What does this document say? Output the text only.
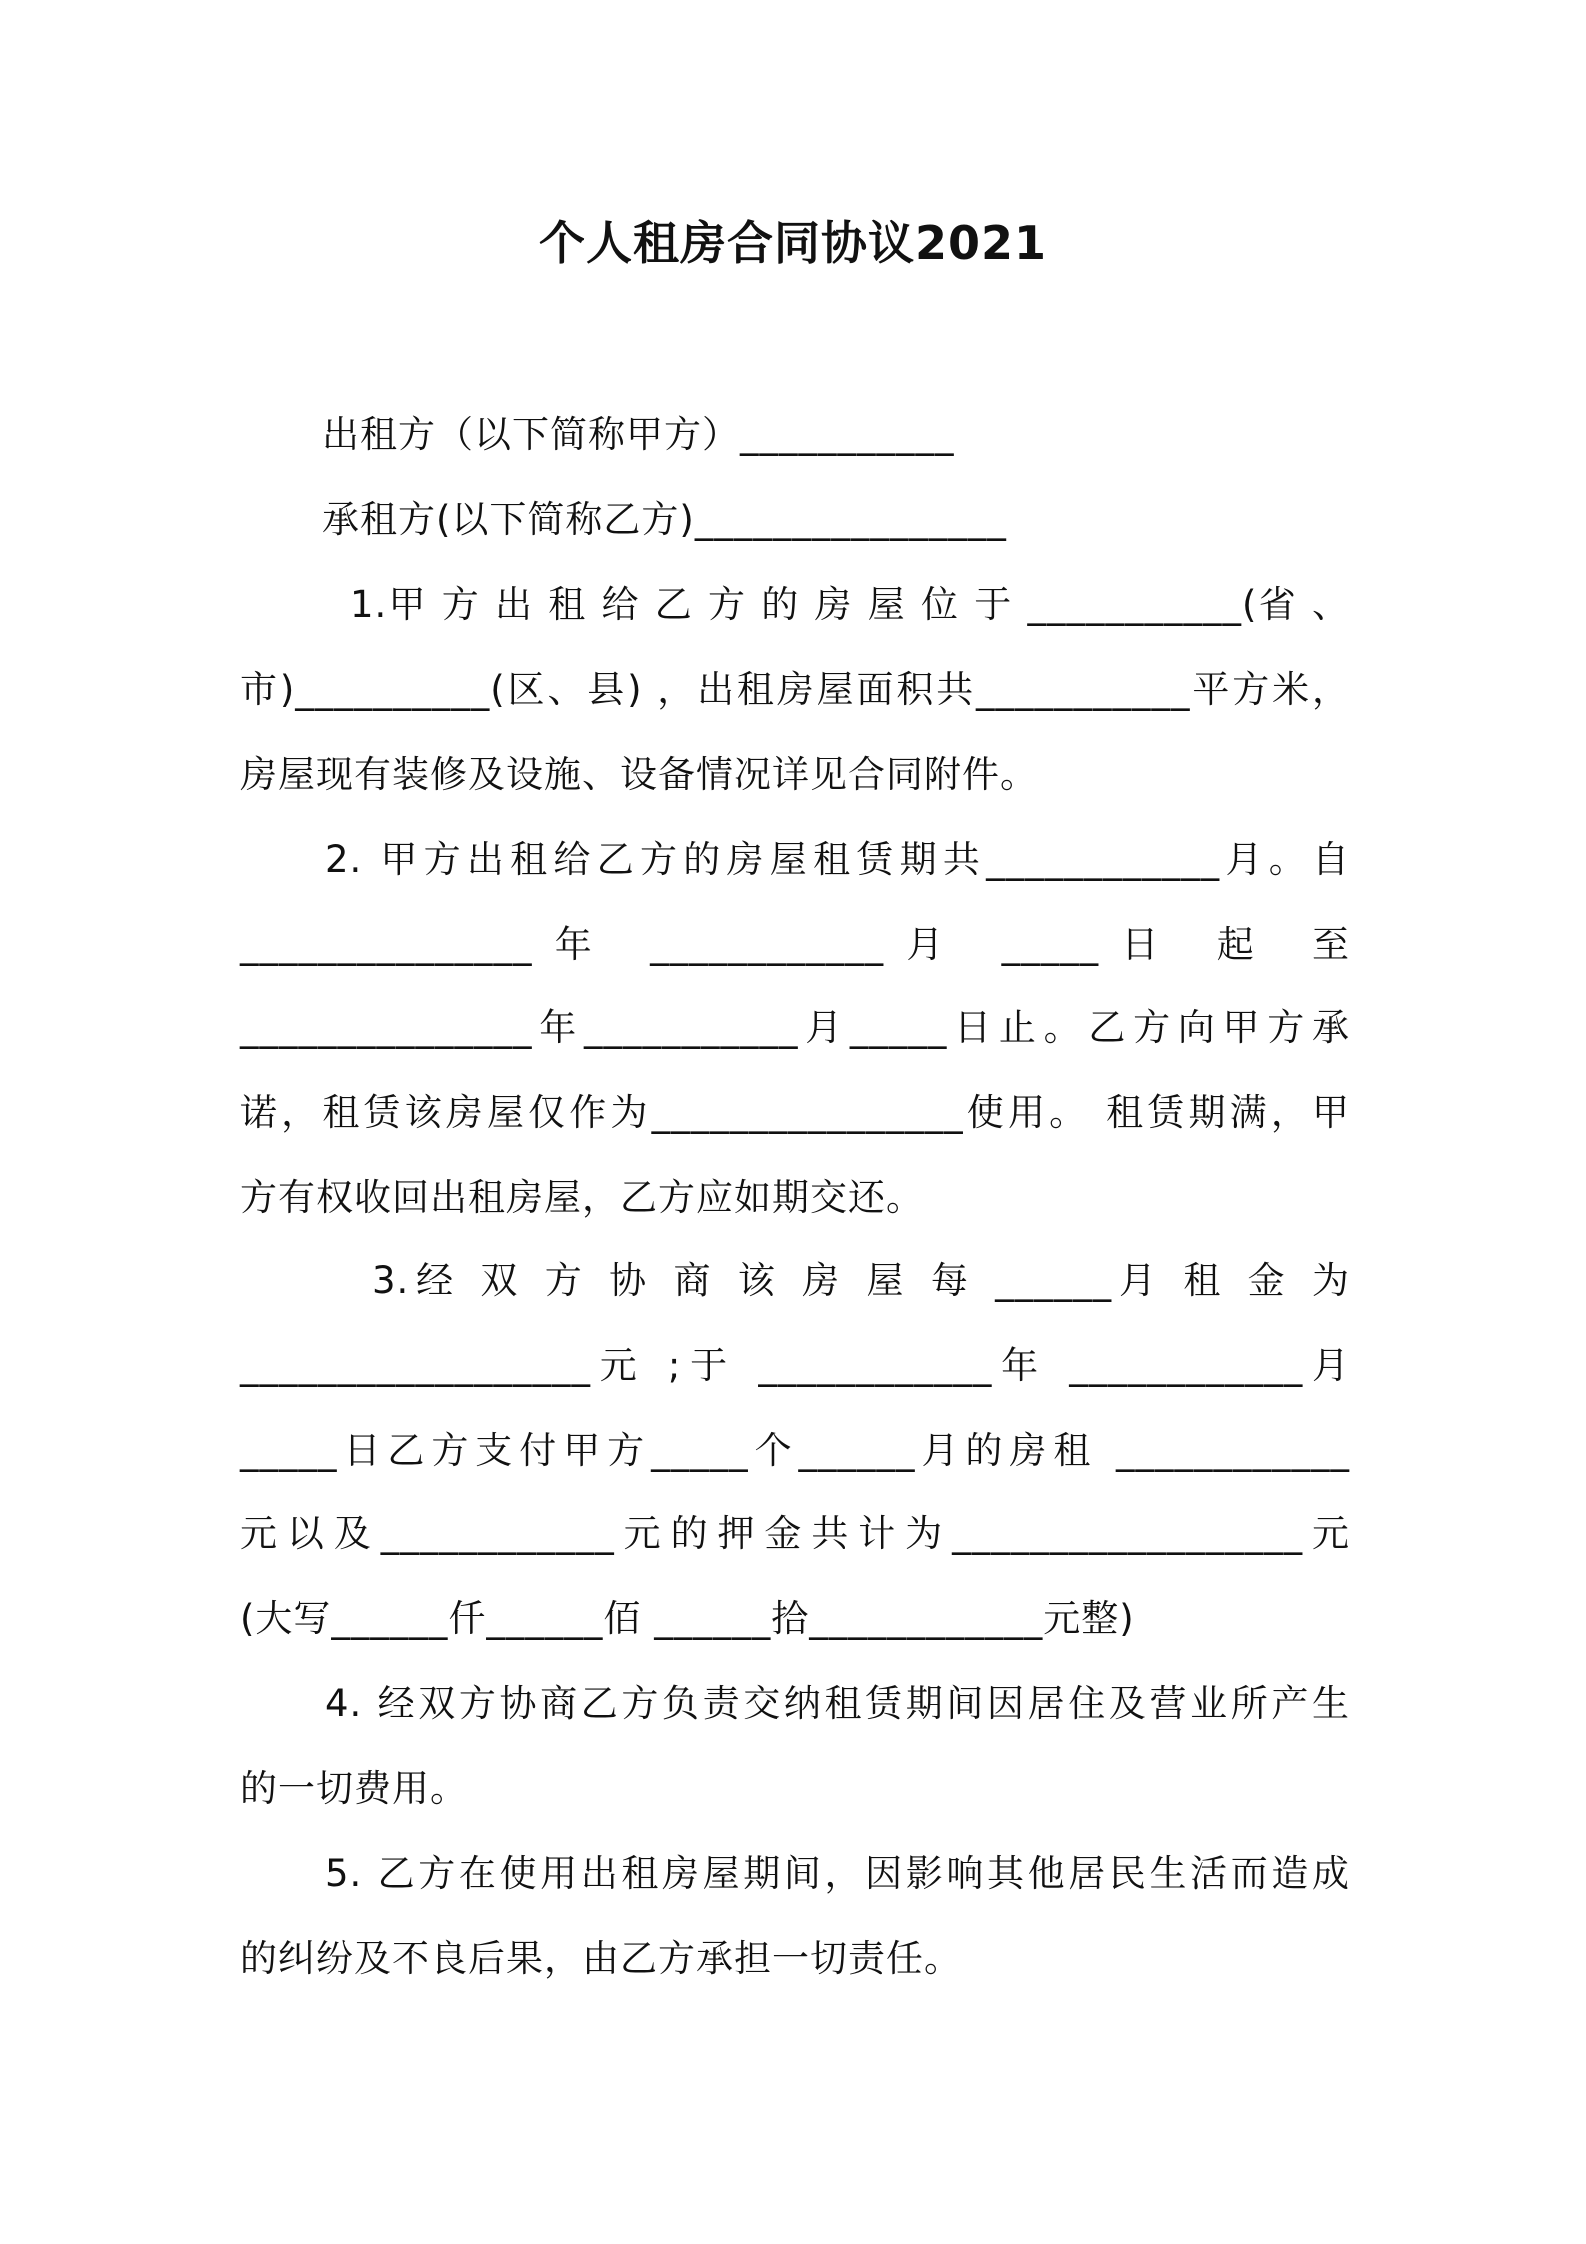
个人租房合同协议2021
出租方（以下简称甲方）___________
承租方(以下简称乙方)________________
1.甲 方 出 租 给 乙 方 的 房 屋 位 于 ___________(省 、
市)__________(区、县) ，出租房屋面积共___________平方米，
房屋现有装修及设施、设备情况详见合同附件。
2. 甲方出租给乙方的房屋租赁期共____________月。自
_______________年 ____________月 _____日 起 至
_______________年___________月_____日止。乙方向甲方承
诺，租赁该房屋仅作为________________使用。 租赁期满，甲
方有权收回出租房屋，乙方应如期交还。
3.经 双 方 协 商 该 房 屋 每 ______月 租 金 为
__________________元 ;于 ____________年 ____________月
_____日乙方支付甲方_____个______月的房租 ____________
元以及____________元的押金共计为__________________元
(大写______仟______佰 ______拾____________元整)
4. 经双方协商乙方负责交纳租赁期间因居住及营业所产生
的一切费用。
5. 乙方在使用出租房屋期间，因影响其他居民生活而造成
的纠纷及不良后果，由乙方承担一切责任。
